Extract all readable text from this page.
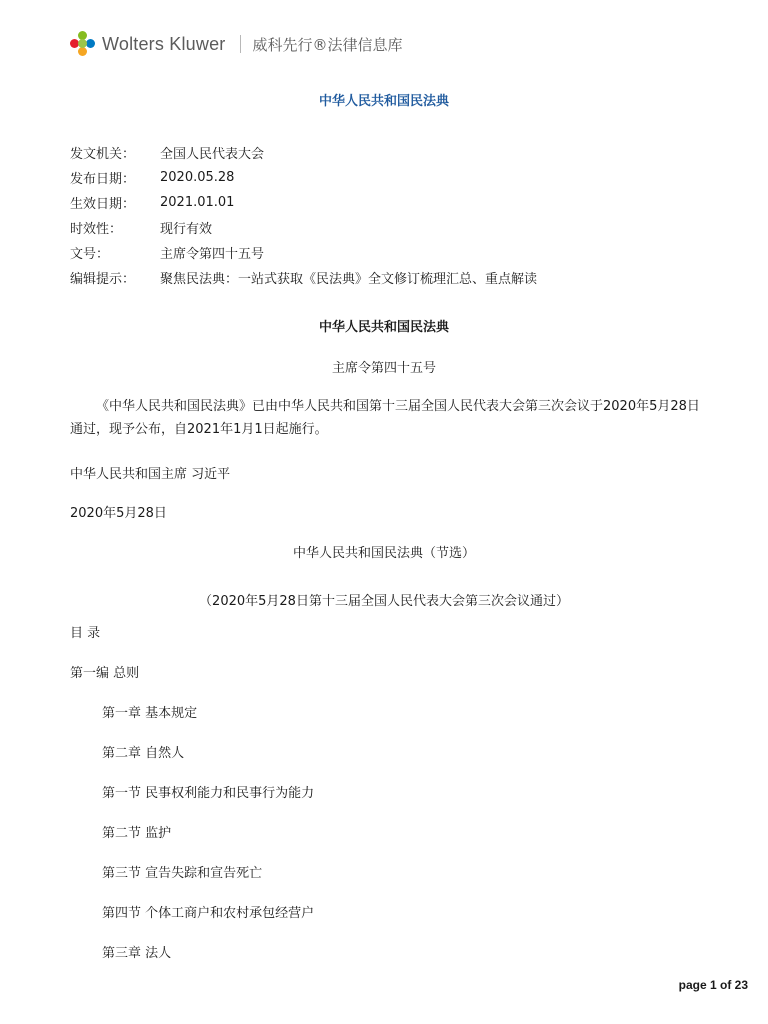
Wolters Kluwer 威科先行®法律信息库
中华人民共和国民法典
发文机关：	全国人民代表大会
发布日期：	2020.05.28
生效日期：	2021.01.01
时效性：	现行有效
文号：	主席令第四十五号
编辑提示：	聚焦民法典：一站式获取《民法典》全文修订梳理汇总、重点解读
中华人民共和国民法典
主席令第四十五号
《中华人民共和国民法典》已由中华人民共和国第十三届全国人民代表大会第三次会议于2020年5月28日通过，现予公布，自2021年1月1日起施行。
中华人民共和国主席 习近平
2020年5月28日
中华人民共和国民法典（节选）
（2020年5月28日第十三届全国人民代表大会第三次会议通过）
目 录
第一编 总则
第一章 基本规定
第二章 自然人
第一节 民事权利能力和民事行为能力
第二节 监护
第三节 宣告失踪和宣告死亡
第四节 个体工商户和农村承包经营户
第三章 法人
page 1 of 23
